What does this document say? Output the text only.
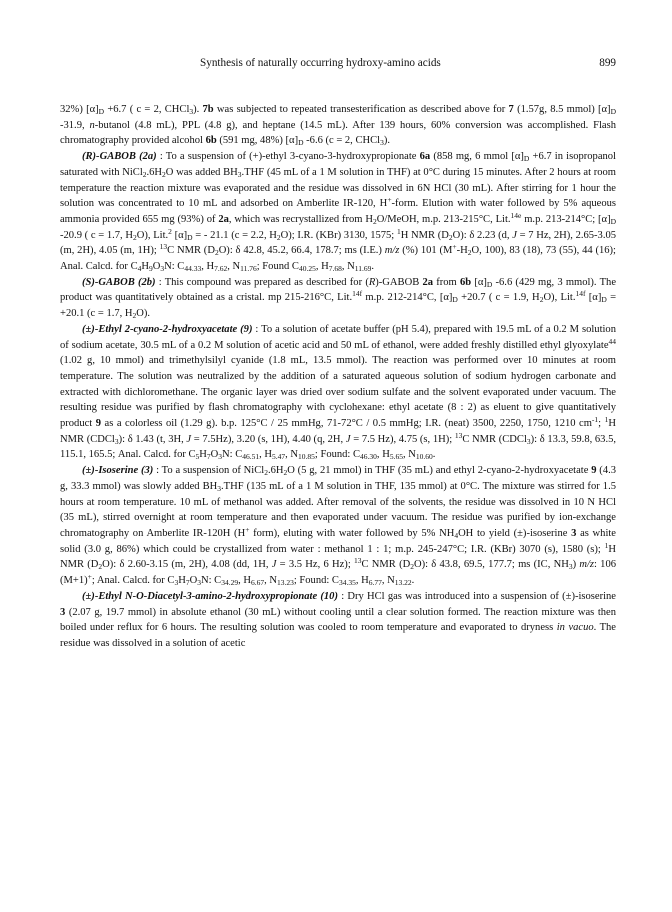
Synthesis of naturally occurring hydroxy-amino acids	899

32%) $[\alpha]_D +6.7$ ( c = 2, CHCl$_3$). 7b was subjected to repeated transesterification as described above for 7 (1.57g, 8.5 mmol) $[\alpha]_D$ -31.9, n-butanol (4.8 mL), PPL (4.8 g), and heptane (14.5 mL). After 139 hours, 60% conversion was accomplished. Flash chromatography provided alcohol 6b (591 mg, 48%) $[\alpha]_D$ -6.6 (c = 2, CHCl$_3$).

(R)-GABOB (2a) : To a suspension of (+)-ethyl 3-cyano-3-hydroxypropionate 6a (858 mg, 6 mmol $[\alpha]_D +6.7$ in isopropanol saturated with $NiCl_2.6H_2O$ was added $BH_3.THF$ (45 mL of a 1 M solution in THF) at 0°C during 15 minutes. After 2 hours at room temperature the reaction mixture was evaporated and the residue was dissolved in 6N HCl (30 mL). After stirring for 1 hour the solution was concentrated to 10 mL and adsorbed on Amberlite IR-120, H+-form. Elution with water followed by 5% aqueous ammonia provided 655 mg (93%) of 2a, which was recrystallized from $H_2O$/MeOH, m.p. 213-215°C, Lit.$^{14e}$ m.p. 213-214°C; $[\alpha]_D$ -20.9 ( c = 1.7, $H_2O$), Lit.$^2$ $[\alpha]_D$ = - 21.1 (c = 2.2, $H_2O$); I.R. (KBr) 3130, 1575; $^1$H NMR $(D_2O)$: δ 2.23 (d, J = 7 Hz, 2H), 2.65-3.05 (m, 2H), 4.05 (m, 1H); $^{13}$C NMR $(D_2O)$: δ 42.8, 45.2, 66.4, 178.7; ms (I.E.) m/z (%) 101 ($M^+-H_2O$, 100), 83 (18), 73 (55), 44 (16); Anal. Calcd. for $C_4H_9O_3N$: $C_{44.33}$, $H_{7.62}$, $N_{11.76}$; Found $C_{40.25}$, $H_{7.68}$, $N_{11.69}$.

(S)-GABOB (2b) : This compound was prepared as described for (R)-GABOB 2a from 6b $[\alpha]_D$ -6.6 (429 mg, 3 mmol). The product was quantitatively obtained as a cristal. mp 215-216°C, Lit.$^{14f}$ m.p. 212-214°C, $[\alpha]_D +20.7$ ( c = 1.9, $H_2O$), Lit.$^{14f}$ $[\alpha]_D = +20.1$ (c = 1.7, $H_2O$).

(±)-Ethyl 2-cyano-2-hydroxyacetate (9) : To a solution of acetate buffer (pH 5.4), prepared with 19.5 mL of a 0.2 M solution of sodium acetate, 30.5 mL of a 0.2 M solution of acetic acid and 50 mL of ethanol, were added freshly distilled ethyl glyoxylate$^{44}$ (1.02 g, 10 mmol) and trimethylsilyl cyanide (1.8 mL, 13.5 mmol). The reaction was performed over 10 minutes at room temperature. The solution was neutralized by the addition of a saturated aqueous solution of sodium hydrogen carbonate and extracted with dichloromethane. The organic layer was dried over sodium sulfate and the solvent evaporated under vacuum. The resulting residue was purified by flash chromatography with cyclohexane: ethyl acetate (8 : 2) as eluent to give quantitatively product 9 as a colorless oil (1.29 g). b.p. 125°C / 25 mmHg, 71-72°C / 0.5 mmHg; I.R. (neat) 3500, 2250, 1750, 1210 $cm^{-1}$; $^1$H NMR (CDCl$_3$): δ 1.43 (t, 3H, J = 7.5Hz), 3.20 (s, 1H), 4.40 (q, 2H, J = 7.5 Hz), 4.75 (s, 1H); $^{13}$C NMR (CDCl$_3$): δ 13.3, 59.8, 63.5, 115.1, 165.5; Anal. Calcd. for $C_5H_7O_3N$: $C_{46.51}$, $H_{5.47}$, $N_{10.85}$; Found: $C_{46.30}$, $H_{5.65}$, $N_{10.60}$.

(±)-Isoserine (3) : To a suspension of $NiCl_2.6H_2O$ (5 g, 21 mmol) in THF (35 mL) and ethyl 2-cyano-2-hydroxyacetate 9 (4.3 g, 33.3 mmol) was slowly added $BH_3.THF$ (135 mL of a 1 M solution in THF, 135 mmol) at 0°C. The mixture was stirred for 1.5 hours at room temperature. 10 mL of methanol was added. After removal of the solvents, the residue was dissolved in 10 N HCl (35 mL), stirred overnight at room temperature and then evaporated under vacuum. The residue was purified by ion-exchange chromatography on Amberlite IR-120H (H+ form), eluting with water followed by 5% $NH_4OH$ to yield (±)-isoserine 3 as white solid (3.0 g, 86%) which could be crystallized from water : methanol 1 : 1; m.p. 245-247°C; I.R. (KBr) 3070 (s), 1580 (s); $^1$H NMR $(D_2O)$: δ 2.60-3.15 (m, 2H), 4.08 (dd, 1H, J = 3.5 Hz, 6 Hz); $^{13}$C NMR $(D_2O)$: δ 43.8, 69.5, 177.7; ms (IC, $NH_3$) m/z: 106 (M+1)+; Anal. Calcd. for $C_3H_7O_3N$: $C_{34.29}$, $H_{6.67}$, $N_{13.23}$; Found: $C_{34.35}$, $H_{6.77}$, $N_{13.22}$.

(±)-Ethyl N-O-Diacetyl-3-amino-2-hydroxypropionate (10) : Dry HCl gas was introduced into a suspension of (±)-isoserine 3 (2.07 g, 19.7 mmol) in absolute ethanol (30 mL) without cooling until a clear solution formed. The reaction mixture was then boiled under reflux for 6 hours. The resulting solution was cooled to room temperature and evaporated to dryness in vacuo. The residue was dissolved in a solution of acetic
